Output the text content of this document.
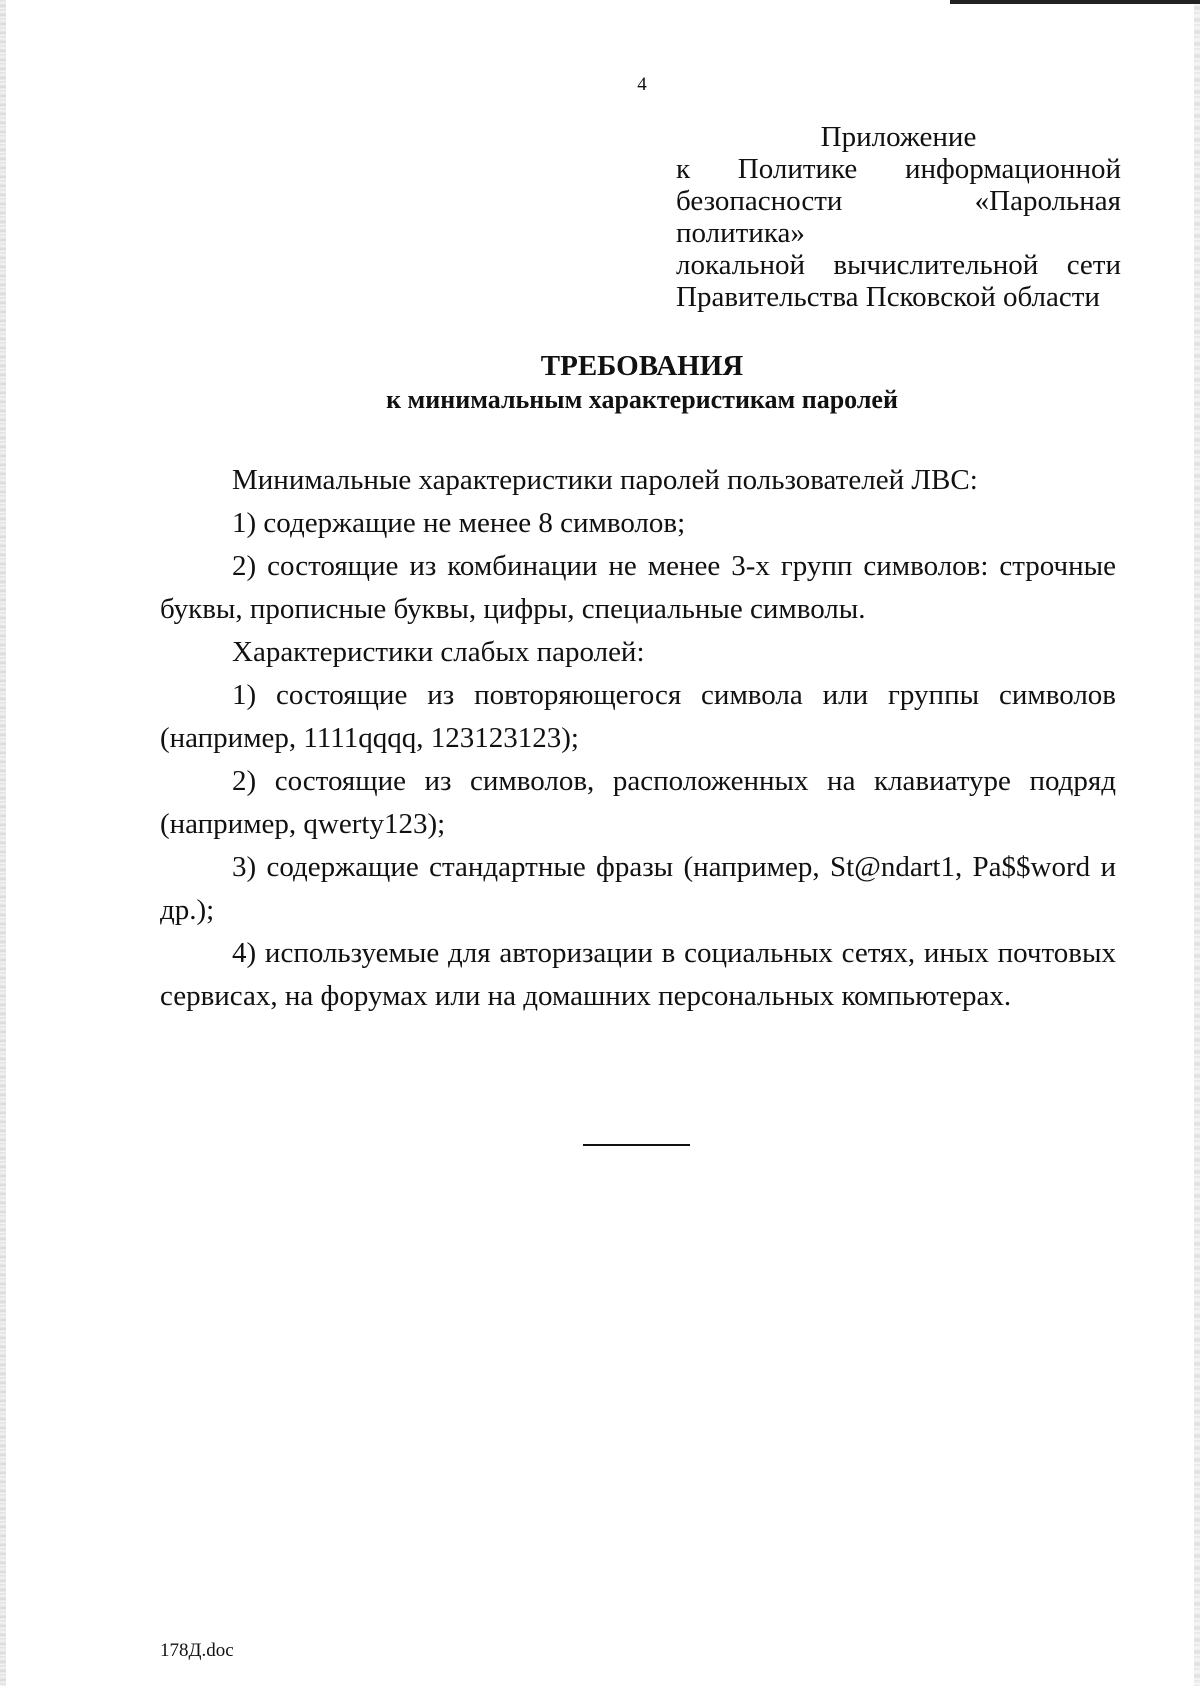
4
Приложение
к Политике информационной
безопасности «Парольная политика»
локальной вычислительной сети
Правительства Псковской области
ТРЕБОВАНИЯ
к минимальным характеристикам паролей

Минимальные характеристики паролей пользователей ЛВС:

1) содержащие не менее 8 символов;

2) состоящие из комбинации не менее 3-х групп символов: строчные буквы, прописные буквы, цифры, специальные символы.

Характеристики слабых паролей:

1) состоящие из повторяющегося символа или группы символов (например, 1111qqqq, 123123123);

2) состоящие из символов, расположенных на клавиатуре подряд (например, qwerty123);

3) содержащие стандартные фразы (например, St@ndart1, Pa$$word и др.);

4) используемые для авторизации в социальных сетях, иных почтовых сервисах, на форумах или на домашних персональных компьютерах.

178Д.doc
